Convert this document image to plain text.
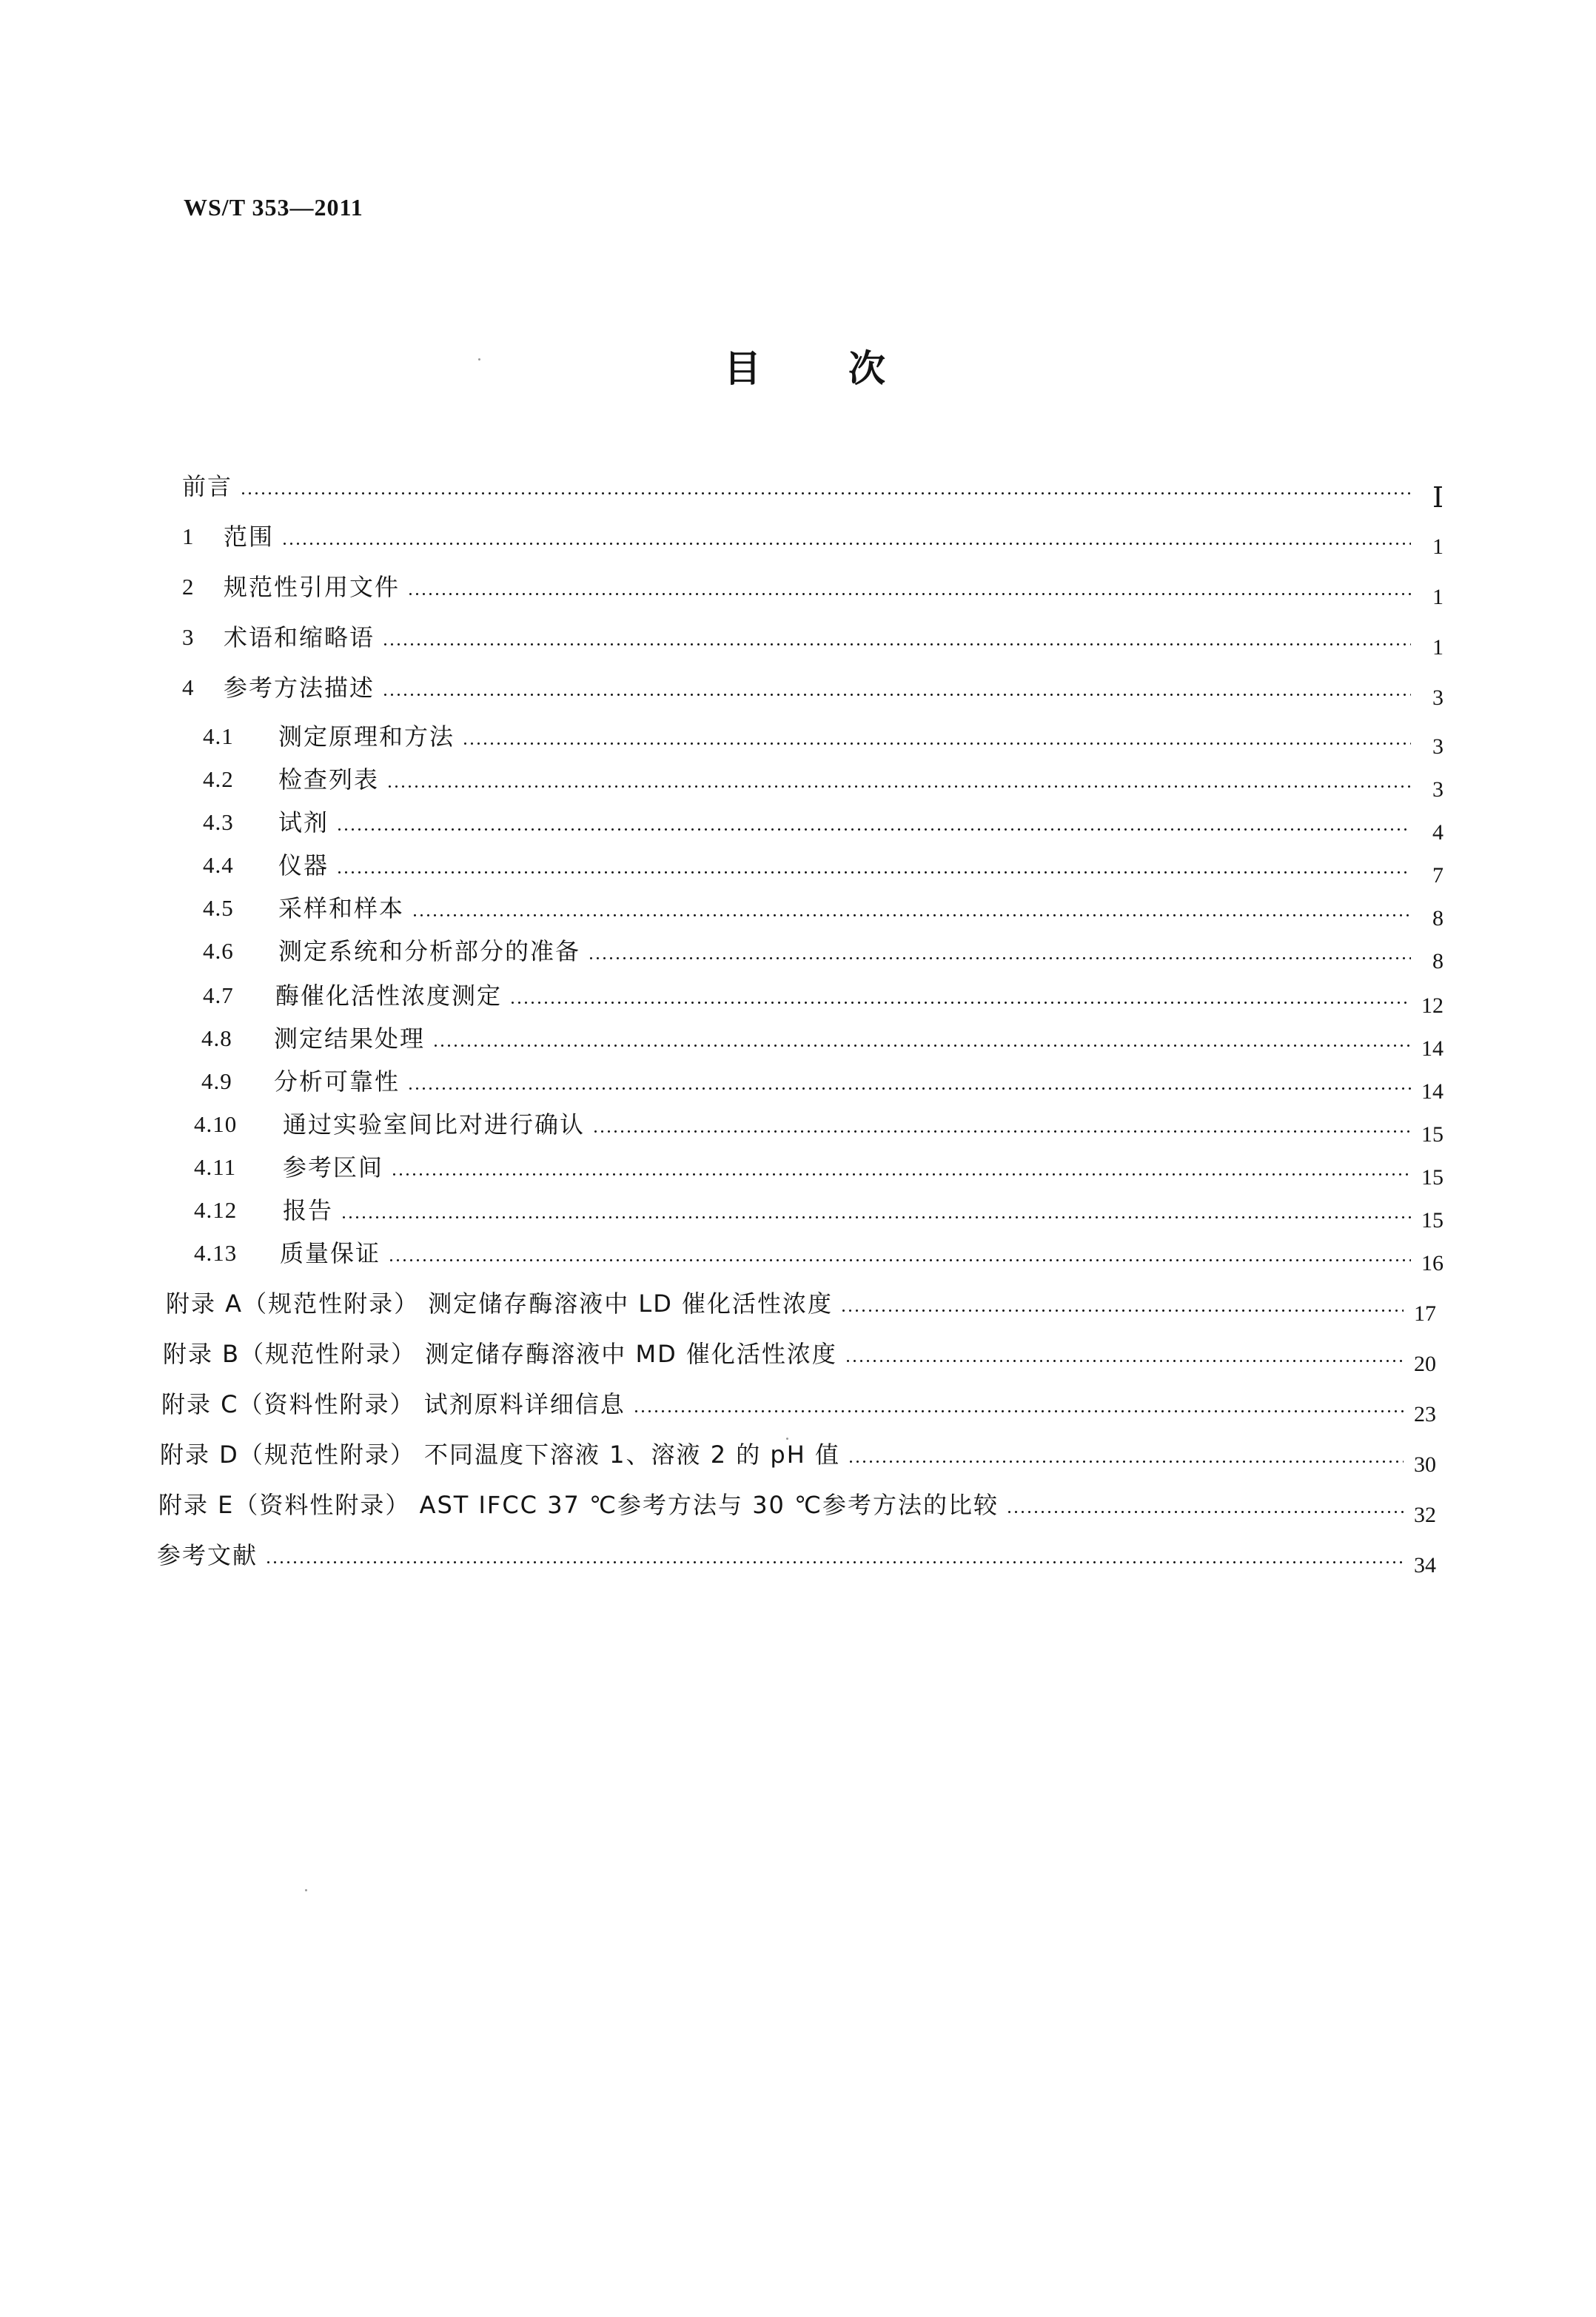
WS/T 353—2011
目次
前言	Ⅰ
1	范围	1
2	规范性引用文件	1
3	术语和缩略语	1
4	参考方法描述	3
4.1	测定原理和方法	3
4.2	检查列表	3
4.3	试剂	4
4.4	仪器	7
4.5	采样和样本	8
4.6	测定系统和分析部分的准备	8
4.7	酶催化活性浓度测定	12
4.8	测定结果处理	14
4.9	分析可靠性	14
4.10	通过实验室间比对进行确认	15
4.11	参考区间	15
4.12	报告	15
4.13	质量保证	16
附录 A（规范性附录） 测定储存酶溶液中 LD 催化活性浓度	17
附录 B（规范性附录） 测定储存酶溶液中 MD 催化活性浓度	20
附录 C（资料性附录） 试剂原料详细信息	23
附录 D（规范性附录） 不同温度下溶液 1、溶液 2 的 pH 值	30
附录 E（资料性附录） AST IFCC 37 ℃参考方法与 30 ℃参考方法的比较	32
参考文献	34
